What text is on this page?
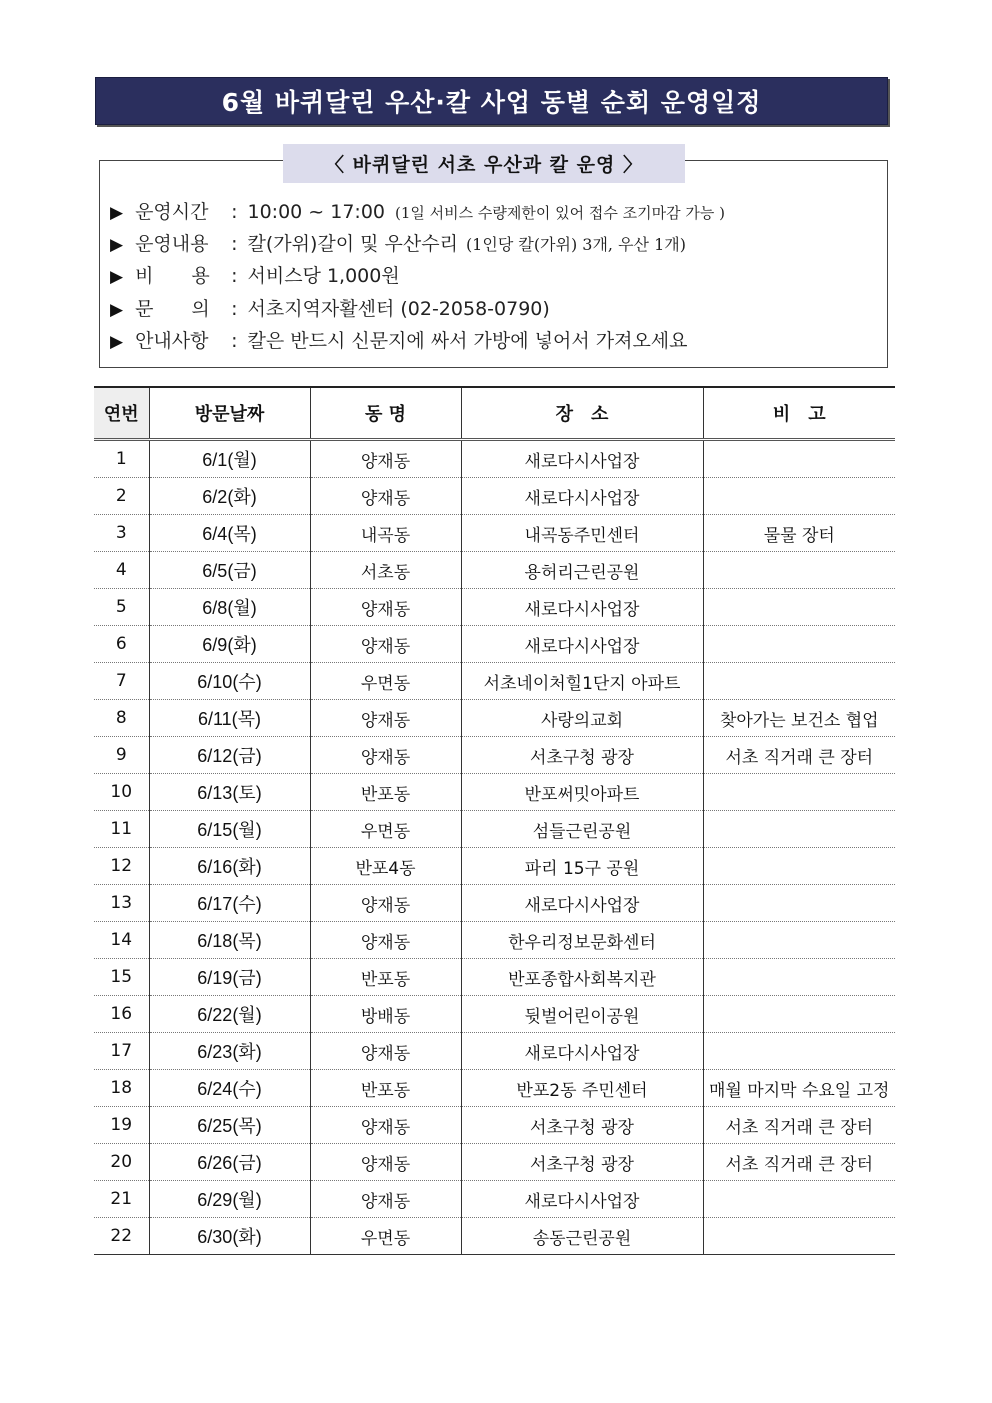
6월 바퀴달린 우산·칼 사업 동별 순회 운영일정
〈 바퀴달린 서초 우산과 칼 운영 〉
▶ 운영시간	: 10:00 ~ 17:00 (1일 서비스 수량제한이 있어 접수 조기마감 가능 )
▶ 운영내용	: 칼(가위)갈이 및 우산수리 (1인당 칼(가위) 3개, 우산 1개)
▶ 비　　용	: 서비스당 1,000원
▶ 문　　의	: 서초지역자활센터 (02-2058-0790)
▶ 안내사항	: 칼은 반드시 신문지에 싸서 가방에 넣어서 가져오세요
연번	방문날짜	동 명	장　소	비　고
1	6/1(월)	양재동	새로다시사업장	
2	6/2(화)	양재동	새로다시사업장	
3	6/4(목)	내곡동	내곡동주민센터	물물 장터
4	6/5(금)	서초동	용허리근린공원	
5	6/8(월)	양재동	새로다시사업장	
6	6/9(화)	양재동	새로다시사업장	
7	6/10(수)	우면동	서초네이처힐1단지 아파트	
8	6/11(목)	양재동	사랑의교회	찾아가는 보건소 협업
9	6/12(금)	양재동	서초구청 광장	서초 직거래 큰 장터
10	6/13(토)	반포동	반포써밋아파트	
11	6/15(월)	우면동	섬들근린공원	
12	6/16(화)	반포4동	파리 15구 공원	
13	6/17(수)	양재동	새로다시사업장	
14	6/18(목)	양재동	한우리정보문화센터	
15	6/19(금)	반포동	반포종합사회복지관	
16	6/22(월)	방배동	뒷벌어린이공원	
17	6/23(화)	양재동	새로다시사업장	
18	6/24(수)	반포동	반포2동 주민센터	매월 마지막 수요일 고정
19	6/25(목)	양재동	서초구청 광장	서초 직거래 큰 장터
20	6/26(금)	양재동	서초구청 광장	서초 직거래 큰 장터
21	6/29(월)	양재동	새로다시사업장	
22	6/30(화)	우면동	송동근린공원	
